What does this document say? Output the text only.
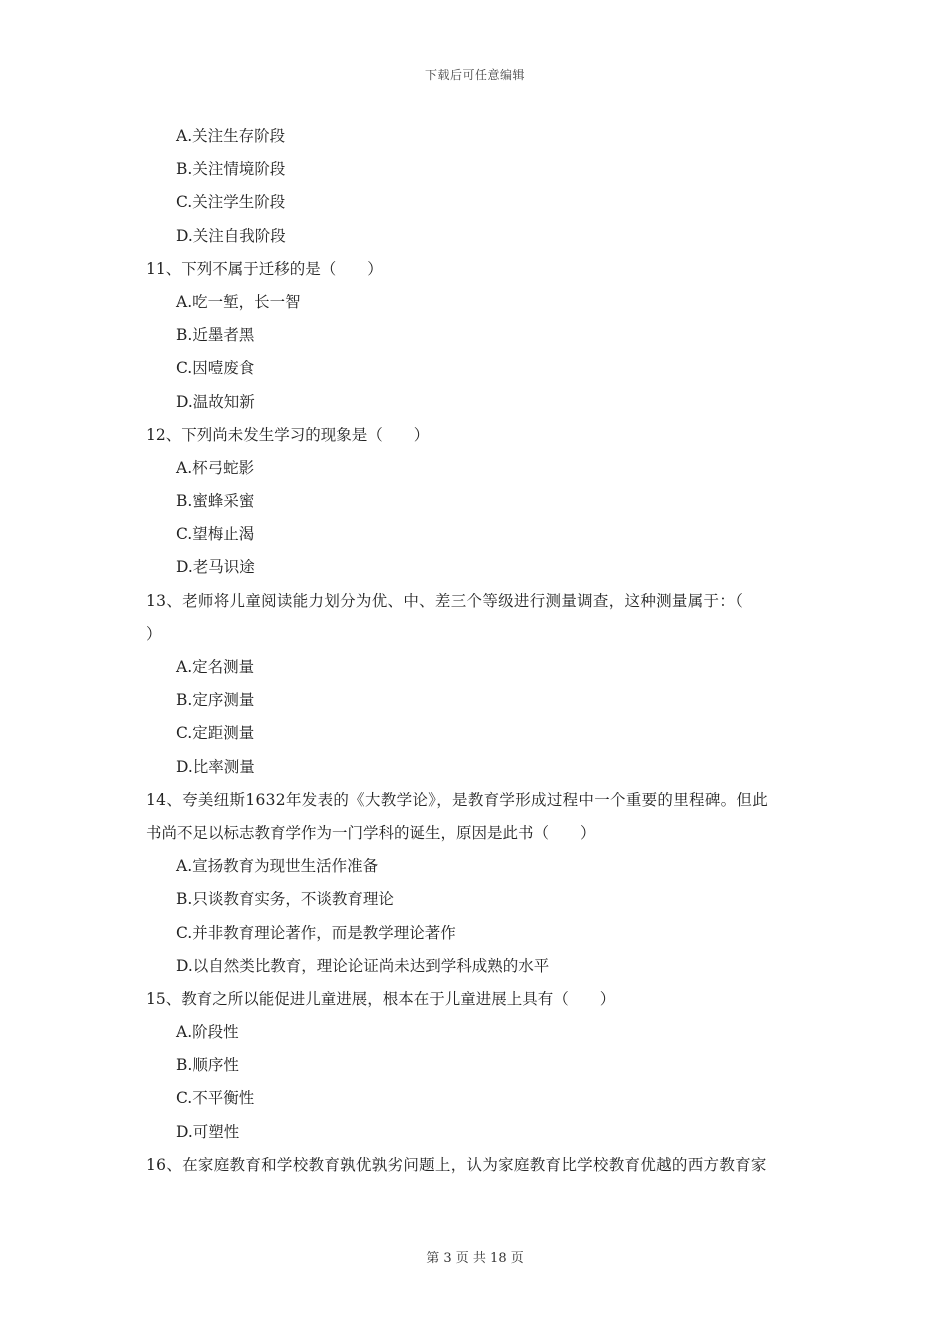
下载后可任意编辑
A.关注生存阶段
B.关注情境阶段
C.关注学生阶段
D.关注自我阶段
11、下列不属于迁移的是（　　）
A.吃一堑，长一智
B.近墨者黑
C.因噎废食
D.温故知新
12、下列尚未发生学习的现象是（　　）
A.杯弓蛇影
B.蜜蜂采蜜
C.望梅止渴
D.老马识途
13、老师将儿童阅读能力划分为优、中、差三个等级进行测量调查，这种测量属于：（
）
A.定名测量
B.定序测量
C.定距测量
D.比率测量
14、夸美纽斯1632年发表的《大教学论》，是教育学形成过程中一个重要的里程碑。但此
书尚不足以标志教育学作为一门学科的诞生，原因是此书（　　）
A.宣扬教育为现世生活作准备
B.只谈教育实务，不谈教育理论
C.并非教育理论著作，而是教学理论著作
D.以自然类比教育，理论论证尚未达到学科成熟的水平
15、教育之所以能促进儿童进展，根本在于儿童进展上具有（　　）
A.阶段性
B.顺序性
C.不平衡性
D.可塑性
16、在家庭教育和学校教育孰优孰劣问题上，认为家庭教育比学校教育优越的西方教育家
第 3 页 共 18 页
